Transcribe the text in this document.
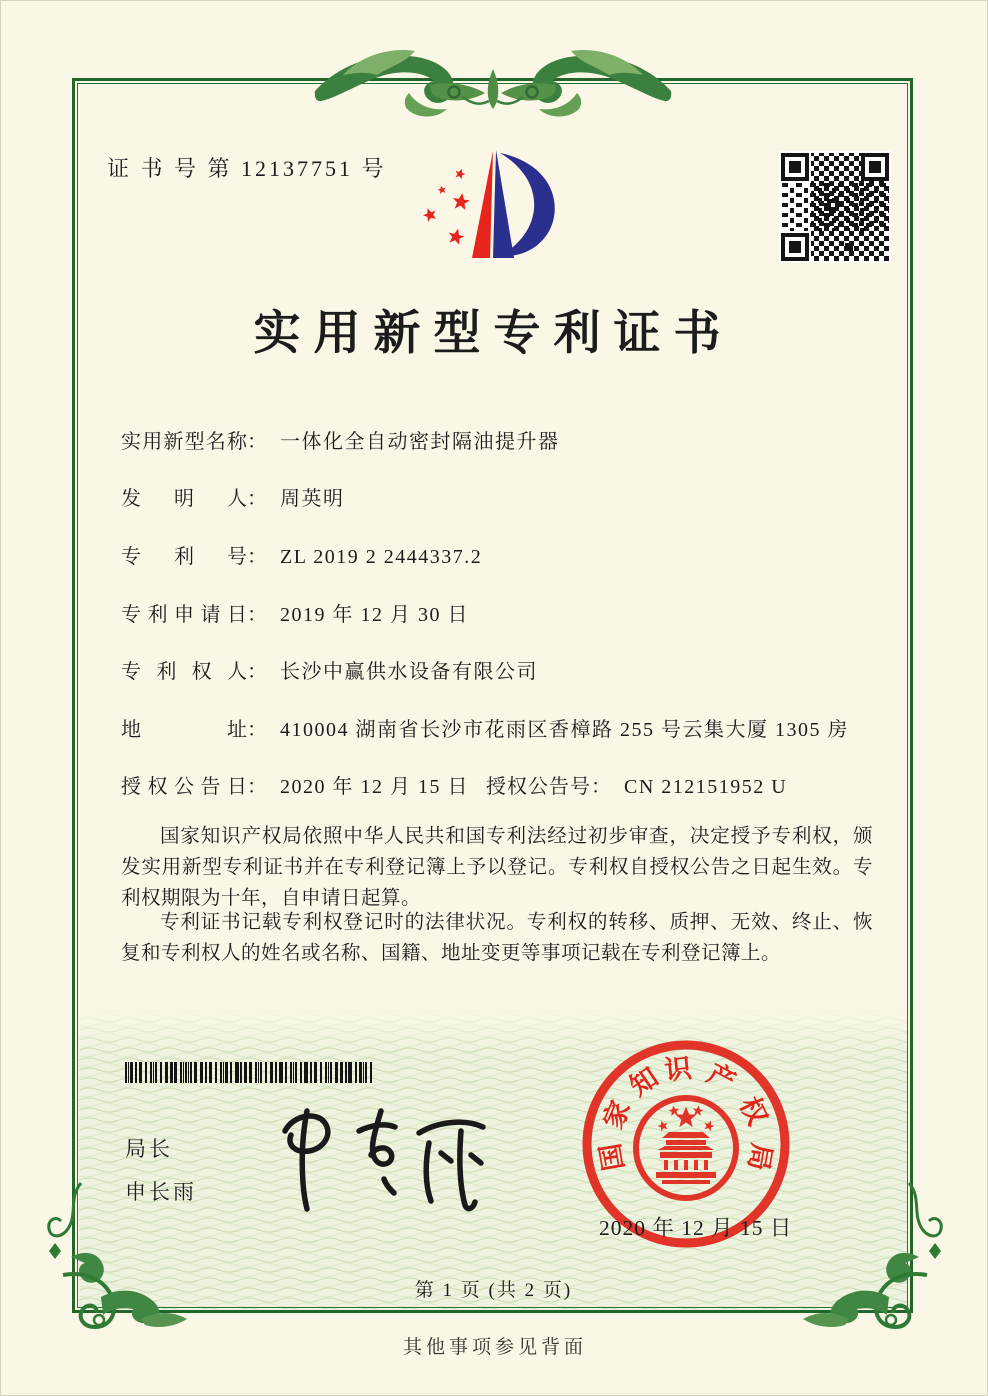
证 书 号 第 12137751 号
实用新型专利证书
实用新型名称： 一体化全自动密封隔油提升器
发明人： 周英明
专利号： ZL 2019 2 2444337.2
专利申请日： 2019 年 12 月 30 日
专利权人： 长沙中赢供水设备有限公司
地址： 410004 湖南省长沙市花雨区香樟路 255 号云集大厦 1305 房
授权公告日： 2020 年 12 月 15 日 授权公告号： CN 212151952 U
国家知识产权局依照中华人民共和国专利法经过初步审查，决定授予专利权，颁发实用新型专利证书并在专利登记簿上予以登记。专利权自授权公告之日起生效。专利权期限为十年，自申请日起算。
专利证书记载专利权登记时的法律状况。专利权的转移、质押、无效、终止、恢复和专利权人的姓名或名称、国籍、地址变更等事项记载在专利登记簿上。
局长
申长雨
国
家
知 识 产
权
局
2020 年 12 月 15 日
第 1 页 (共 2 页)
其他事项参见背面
